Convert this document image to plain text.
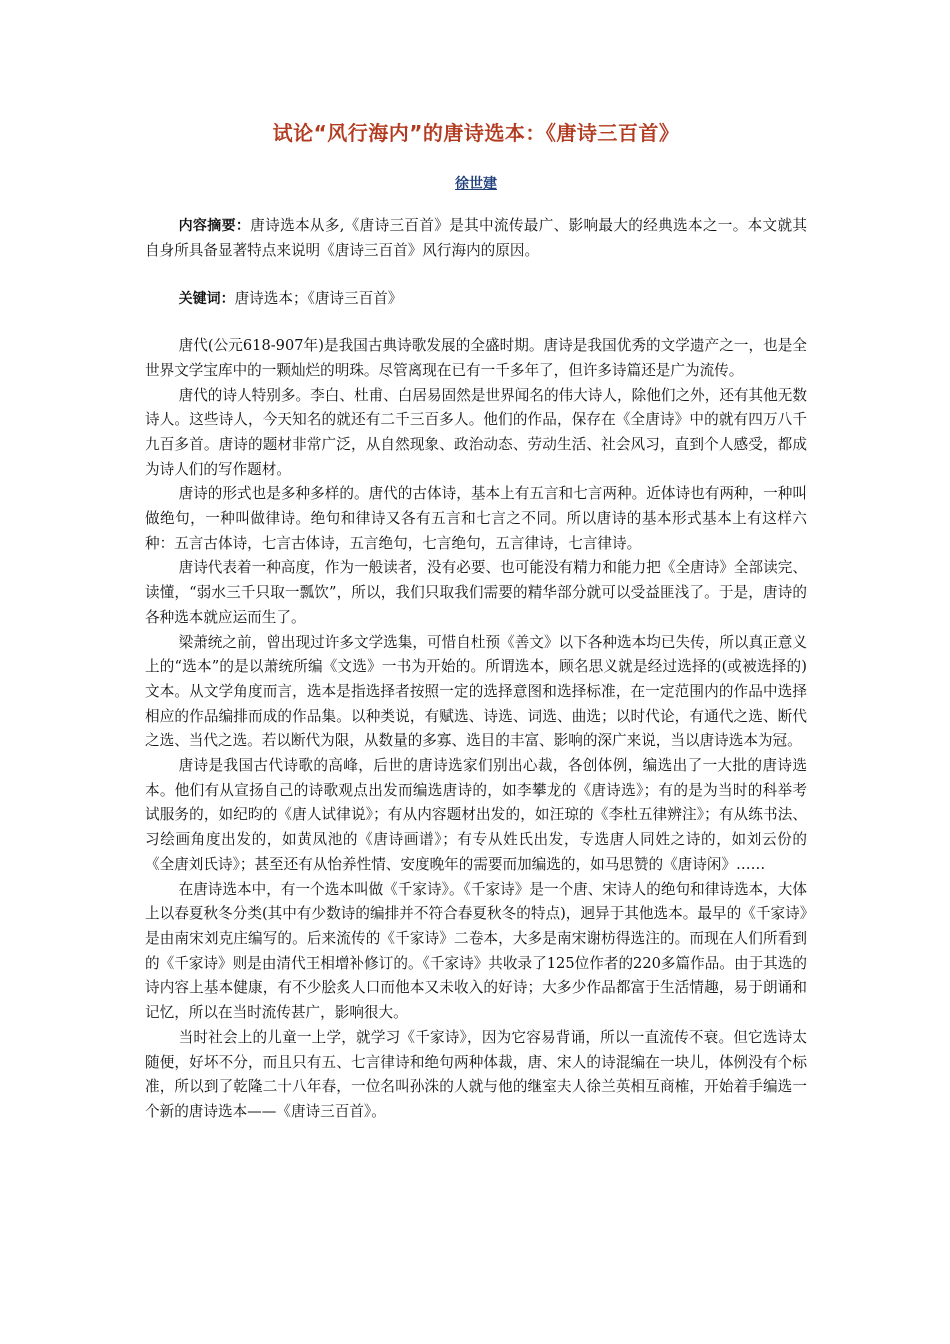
试论“风行海内”的唐诗选本：《唐诗三百首》
徐世建

内容摘要：唐诗选本从多,《唐诗三百首》是其中流传最广、影响最大的经典选本之一。本文就其自身所具备显著特点来说明《唐诗三百首》风行海内的原因。

关键词：唐诗选本；《唐诗三百首》

唐代(公元618-907年)是我国古典诗歌发展的全盛时期。唐诗是我国优秀的文学遗产之一，也是全世界文学宝库中的一颗灿烂的明珠。尽管离现在已有一千多年了，但许多诗篇还是广为流传。

唐代的诗人特别多。李白、杜甫、白居易固然是世界闻名的伟大诗人，除他们之外，还有其他无数诗人。这些诗人，今天知名的就还有二千三百多人。他们的作品，保存在《全唐诗》中的就有四万八千九百多首。唐诗的题材非常广泛，从自然现象、政治动态、劳动生活、社会风习，直到个人感受，都成为诗人们的写作题材。

唐诗的形式也是多种多样的。唐代的古体诗，基本上有五言和七言两种。近体诗也有两种，一种叫做绝句，一种叫做律诗。绝句和律诗又各有五言和七言之不同。所以唐诗的基本形式基本上有这样六种：五言古体诗，七言古体诗，五言绝句，七言绝句，五言律诗，七言律诗。

唐诗代表着一种高度，作为一般读者，没有必要、也可能没有精力和能力把《全唐诗》全部读完、读懂，“弱水三千只取一瓢饮”，所以，我们只取我们需要的精华部分就可以受益匪浅了。于是，唐诗的各种选本就应运而生了。

梁萧统之前，曾出现过许多文学选集，可惜自杜预《善文》以下各种选本均已失传，所以真正意义上的“选本”的是以萧统所编《文选》一书为开始的。所谓选本，顾名思义就是经过选择的(或被选择的)文本。从文学角度而言，选本是指选择者按照一定的选择意图和选择标准，在一定范围内的作品中选择相应的作品编排而成的作品集。以种类说，有赋选、诗选、词选、曲选；以时代论，有通代之选、断代之选、当代之选。若以断代为限，从数量的多寡、选目的丰富、影响的深广来说，当以唐诗选本为冠。

唐诗是我国古代诗歌的高峰，后世的唐诗选家们别出心裁，各创体例，编选出了一大批的唐诗选本。他们有从宣扬自己的诗歌观点出发而编选唐诗的，如李攀龙的《唐诗选》；有的是为当时的科举考试服务的，如纪昀的《唐人试律说》；有从内容题材出发的，如汪琼的《李杜五律辨注》；有从练书法、习绘画角度出发的，如黄凤池的《唐诗画谱》；有专从姓氏出发，专选唐人同姓之诗的，如刘云份的《全唐刘氏诗》；甚至还有从怡养性情、安度晚年的需要而加编选的，如马思赞的《唐诗闲》……

在唐诗选本中，有一个选本叫做《千家诗》。《千家诗》是一个唐、宋诗人的绝句和律诗选本，大体上以春夏秋冬分类(其中有少数诗的编排并不符合春夏秋冬的特点)，迥异于其他选本。最早的《千家诗》是由南宋刘克庄编写的。后来流传的《千家诗》二卷本，大多是南宋谢枋得选注的。而现在人们所看到的《千家诗》则是由清代王相增补修订的。《千家诗》共收录了125位作者的220多篇作品。由于其选的诗内容上基本健康，有不少脍炙人口而他本又未收入的好诗；大多少作品都富于生活情趣，易于朗诵和记忆，所以在当时流传甚广，影响很大。

当时社会上的儿童一上学，就学习《千家诗》，因为它容易背诵，所以一直流传不衰。但它选诗太随便，好坏不分，而且只有五、七言律诗和绝句两种体裁，唐、宋人的诗混编在一块儿，体例没有个标准，所以到了乾隆二十八年春，一位名叫孙洙的人就与他的继室夫人徐兰英相互商榷，开始着手编选一个新的唐诗选本——《唐诗三百首》。
